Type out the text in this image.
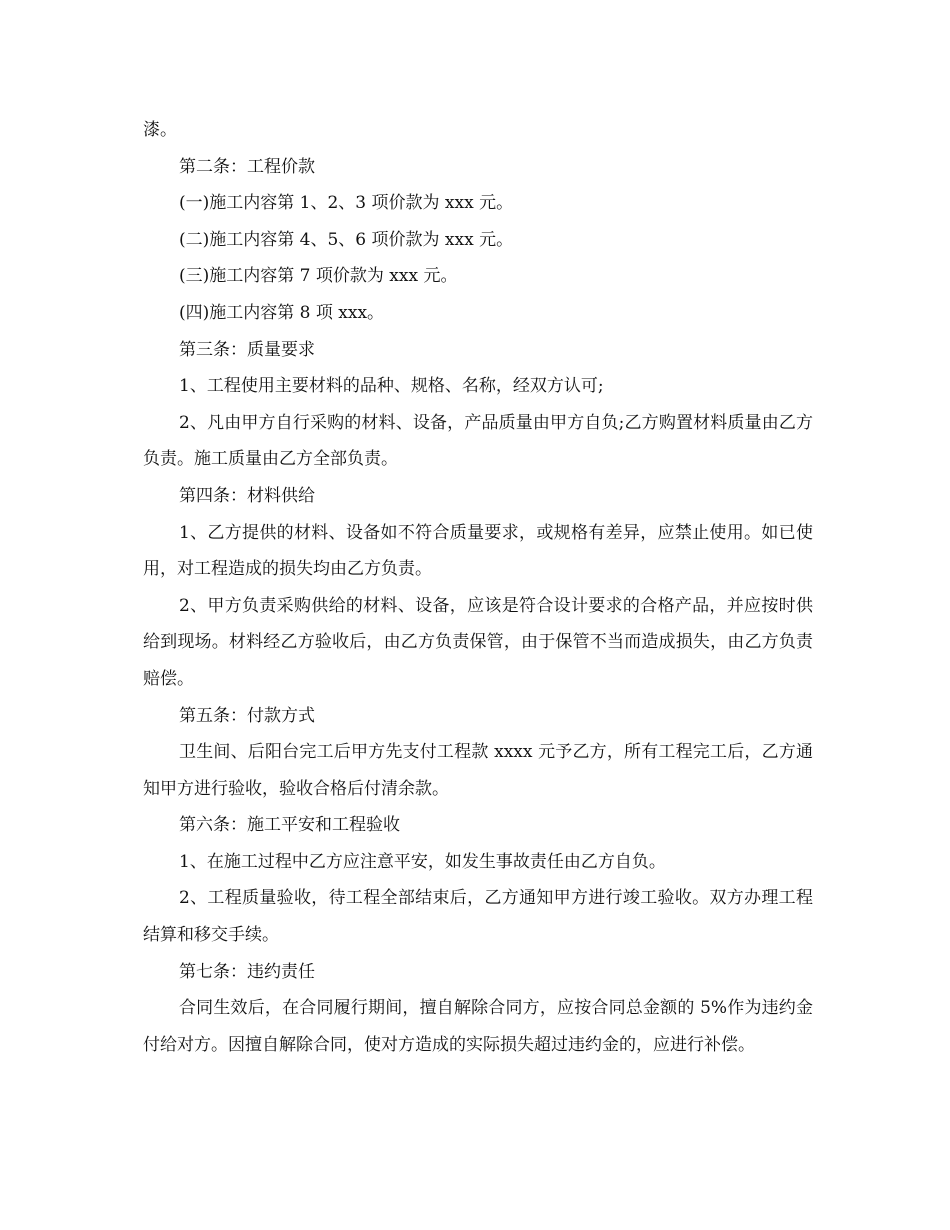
漆。

第二条：工程价款

(一)施工内容第 1、2、3 项价款为 xxx 元。

(二)施工内容第 4、5、6 项价款为 xxx 元。

(三)施工内容第 7 项价款为 xxx 元。

(四)施工内容第 8 项 xxx。

第三条：质量要求

1、工程使用主要材料的品种、规格、名称，经双方认可;

2、凡由甲方自行采购的材料、设备，产品质量由甲方自负;乙方购置材料质量由乙方负责。施工质量由乙方全部负责。

第四条：材料供给

1、乙方提供的材料、设备如不符合质量要求，或规格有差异，应禁止使用。如已使用，对工程造成的损失均由乙方负责。

2、甲方负责采购供给的材料、设备，应该是符合设计要求的合格产品，并应按时供给到现场。材料经乙方验收后，由乙方负责保管，由于保管不当而造成损失，由乙方负责赔偿。

第五条：付款方式

卫生间、后阳台完工后甲方先支付工程款 xxxx 元予乙方，所有工程完工后，乙方通知甲方进行验收，验收合格后付清余款。

第六条：施工平安和工程验收

1、在施工过程中乙方应注意平安，如发生事故责任由乙方自负。

2、工程质量验收，待工程全部结束后，乙方通知甲方进行竣工验收。双方办理工程结算和移交手续。

第七条：违约责任

合同生效后，在合同履行期间，擅自解除合同方，应按合同总金额的 5%作为违约金付给对方。因擅自解除合同，使对方造成的实际损失超过违约金的，应进行补偿。
